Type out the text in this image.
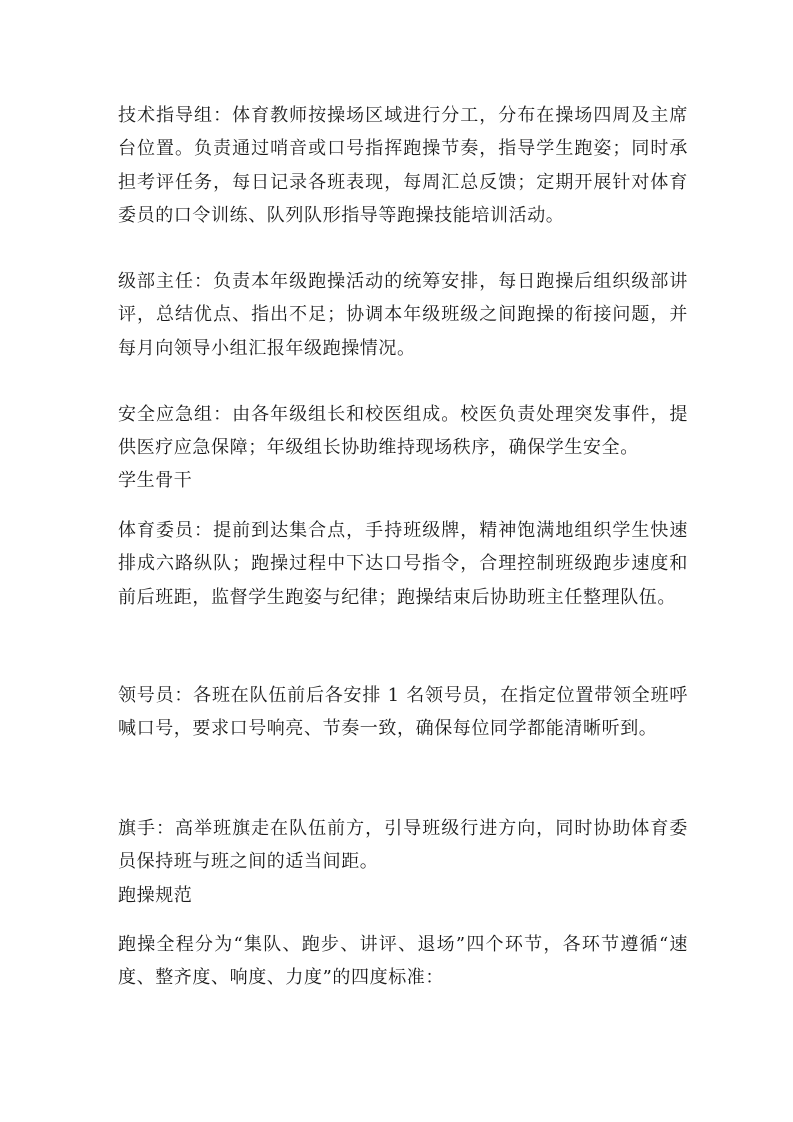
技术指导组：体育教师按操场区域进行分工，分布在操场四周及主席台位置。负责通过哨音或口号指挥跑操节奏，指导学生跑姿；同时承担考评任务，每日记录各班表现，每周汇总反馈；定期开展针对体育委员的口令训练、队列队形指导等跑操技能培训活动。

级部主任：负责本年级跑操活动的统筹安排，每日跑操后组织级部讲评，总结优点、指出不足；协调本年级班级之间跑操的衔接问题，并每月向领导小组汇报年级跑操情况。

安全应急组：由各年级组长和校医组成。校医负责处理突发事件，提供医疗应急保障；年级组长协助维持现场秩序，确保学生安全。

学生骨干

体育委员：提前到达集合点，手持班级牌，精神饱满地组织学生快速排成六路纵队；跑操过程中下达口号指令，合理控制班级跑步速度和前后班距，监督学生跑姿与纪律；跑操结束后协助班主任整理队伍。

领号员：各班在队伍前后各安排 1 名领号员，在指定位置带领全班呼喊口号，要求口号响亮、节奏一致，确保每位同学都能清晰听到。

旗手：高举班旗走在队伍前方，引导班级行进方向，同时协助体育委员保持班与班之间的适当间距。

跑操规范

跑操全程分为“集队、跑步、讲评、退场”四个环节，各环节遵循“速度、整齐度、响度、力度”的四度标准：
